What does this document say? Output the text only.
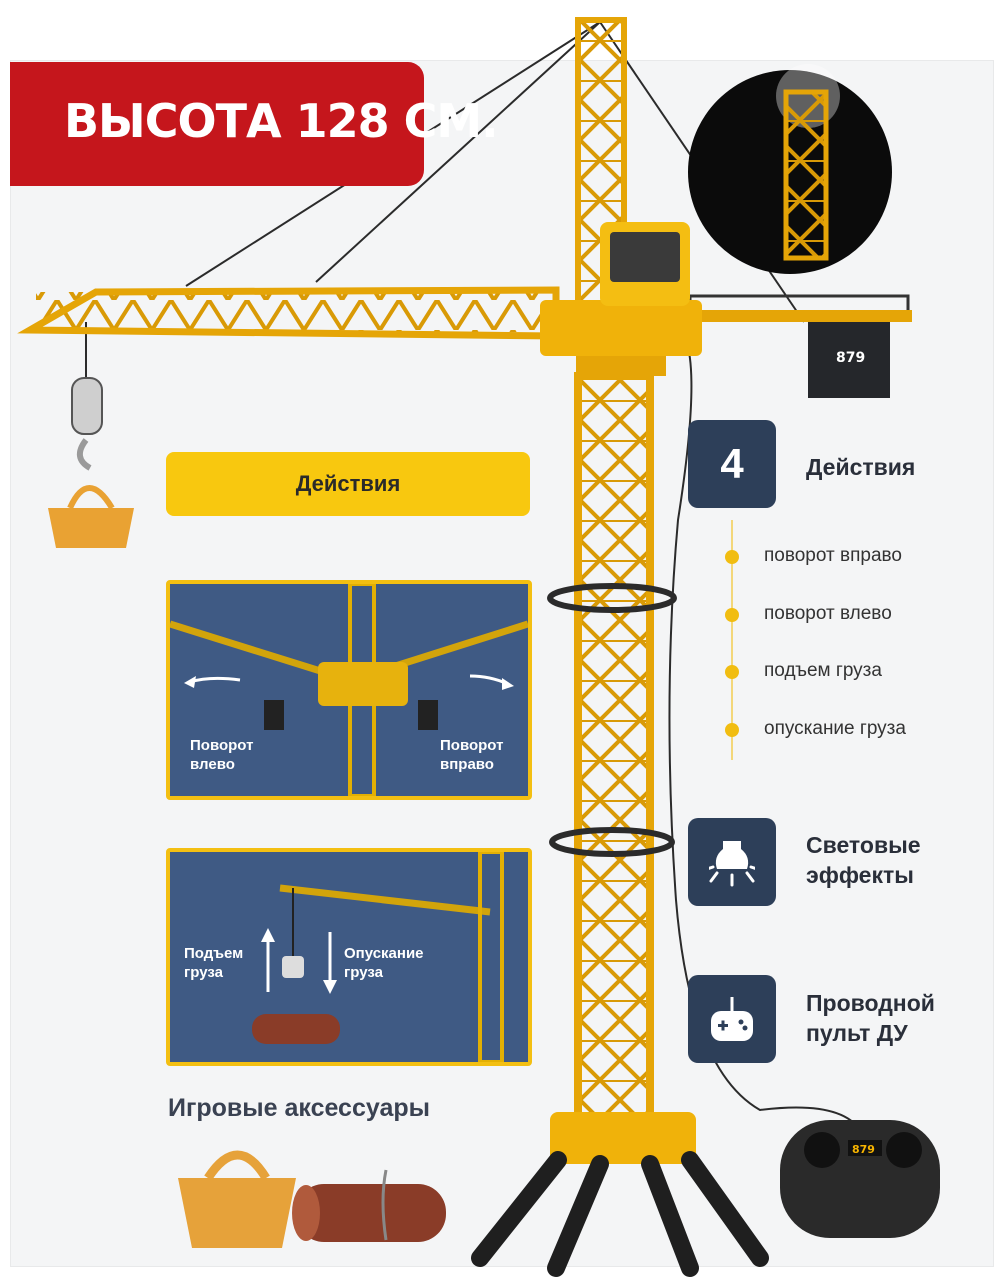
879
879
ВЫСОТА 128 СМ.
Действия
Поворот
влево
Поворот
вправо
Подъем
груза
Опускание
груза
4	Действия
поворот вправо
поворот влево
подъем груза
опускание груза
Световые
эффекты
Проводной
пульт ДУ
Игровые аксессуары
